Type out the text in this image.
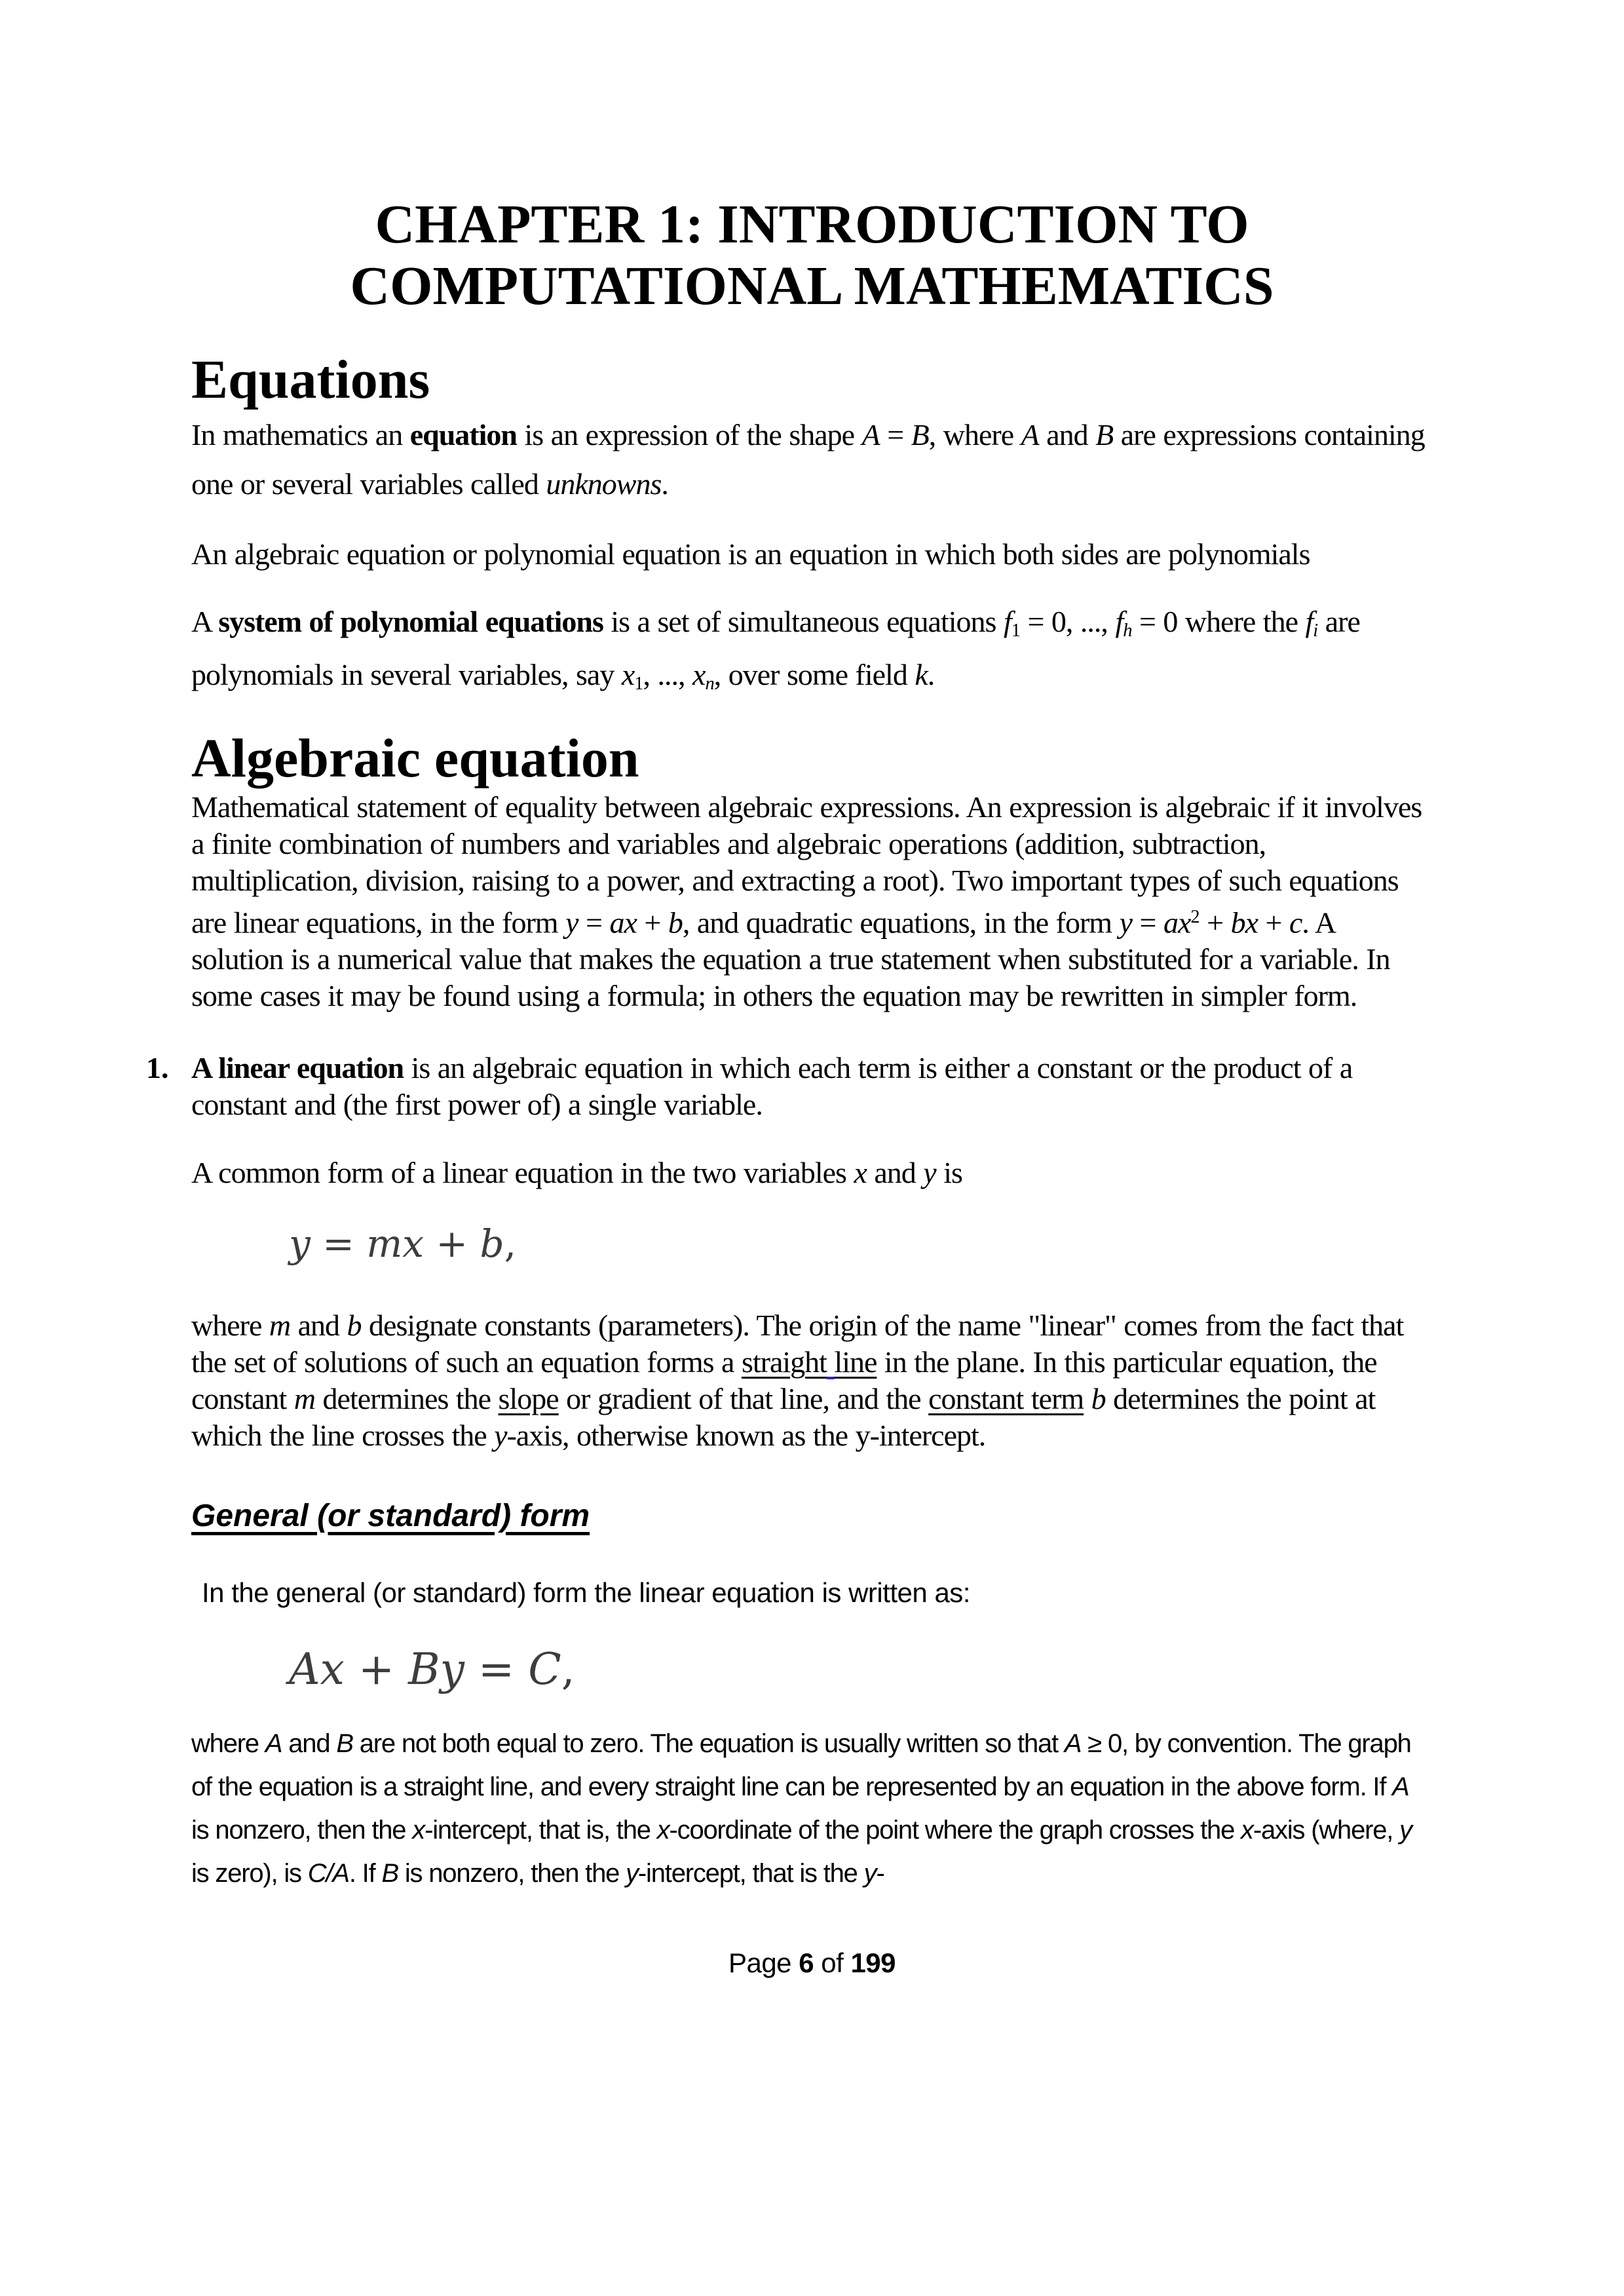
CHAPTER 1: INTRODUCTION TO
COMPUTATIONAL MATHEMATICS
Equations

In mathematics an equation is an expression of the shape A = B, where A and B are expressions containing one or several variables called unknowns.

An algebraic equation or polynomial equation is an equation in which both sides are polynomials

A system of polynomial equations is a set of simultaneous equations f1 = 0, ..., fh = 0 where the fi are polynomials in several variables, say x1, ..., xn, over some field k.

Algebraic equation

Mathematical statement of equality between algebraic expressions. An expression is algebraic if it involves a finite combination of numbers and variables and algebraic operations (addition, subtraction, multiplication, division, raising to a power, and extracting a root). Two important types of such equations are linear equations, in the form y = ax + b, and quadratic equations, in the form $y = ax^2$ + bx + c. A solution is a numerical value that makes the equation a true statement when substituted for a variable. In some cases it may be found using a formula; in others the equation may be rewritten in simpler form.

1. A linear equation is an algebraic equation in which each term is either a constant or the product of a constant and (the first power of) a single variable.

A common form of a linear equation in the two variables x and y is

y = mx + b,

where m and b designate constants (parameters). The origin of the name "linear" comes from the fact that the set of solutions of such an equation forms a straight line in the plane. In this particular equation, the constant m determines the slope or gradient of that line, and the constant term b determines the point at which the line crosses the y-axis, otherwise known as the y-intercept.

General (or standard) form

In the general (or standard) form the linear equation is written as:

Ax + By = C,

where A and B are not both equal to zero. The equation is usually written so that A ≥ 0, by convention. The graph of the equation is a straight line, and every straight line can be represented by an equation in the above form. If A is nonzero, then the x-intercept, that is, the x-coordinate of the point where the graph crosses the x-axis (where, y is zero), is C/A. If B is nonzero, then the y-intercept, that is the y-

Page 6 of 199
